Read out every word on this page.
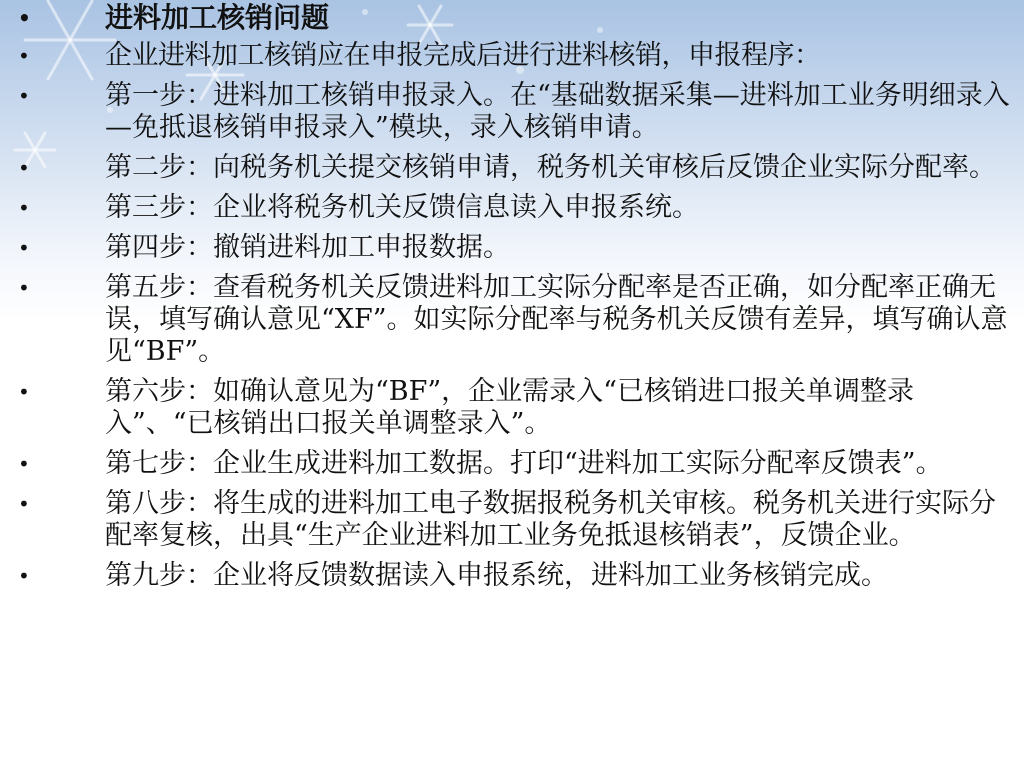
•	进料加工核销问题
•	企业进料加工核销应在申报完成后进行进料核销，申报程序：
•	第一步：进料加工核销申报录入。在“基础数据采集—进料加工业务明细录入—免抵退核销申报录入”模块，录入核销申请。
•	第二步：向税务机关提交核销申请，税务机关审核后反馈企业实际分配率。
•	第三步：企业将税务机关反馈信息读入申报系统。
•	第四步：撤销进料加工申报数据。
•	第五步：查看税务机关反馈进料加工实际分配率是否正确，如分配率正确无误，填写确认意见“XF”。如实际分配率与税务机关反馈有差异，填写确认意见“BF”。
•	第六步：如确认意见为“BF”，企业需录入“已核销进口报关单调整录入”、“已核销出口报关单调整录入”。
•	第七步：企业生成进料加工数据。打印“进料加工实际分配率反馈表”。
•	第八步：将生成的进料加工电子数据报税务机关审核。税务机关进行实际分配率复核，出具“生产企业进料加工业务免抵退核销表”，反馈企业。
•	第九步：企业将反馈数据读入申报系统，进料加工业务核销完成。
